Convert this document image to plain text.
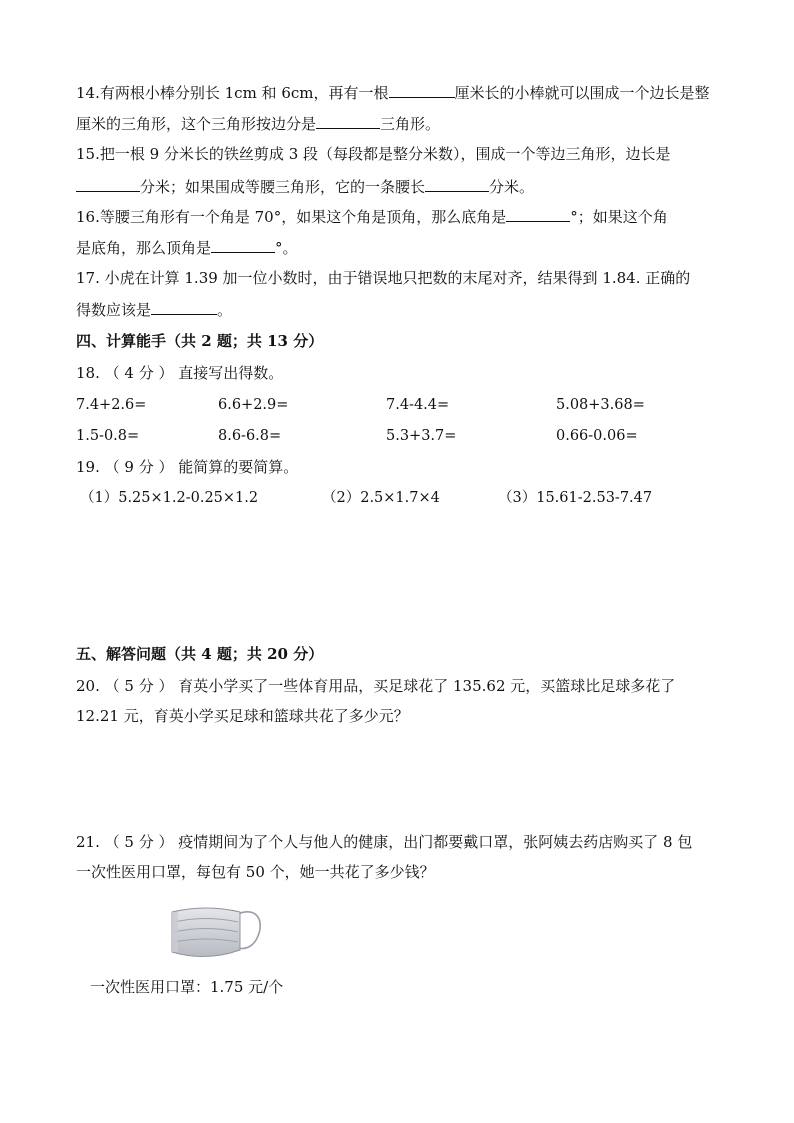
14.有两根小棒分别长 1cm 和 6cm，再有一根	厘米长的小棒就可以围成一个边长是整
厘米的三角形，这个三角形按边分是	三角形。
15.把一根 9 分米长的铁丝剪成 3 段（每段都是整分米数），围成一个等边三角形，边长是
分米；如果围成等腰三角形，它的一条腰长	分米。
16.等腰三角形有一个角是 70°，如果这个角是顶角，那么底角是	°；如果这个角
是底角，那么顶角是	°。
17. 小虎在计算 1.39 加一位小数时，由于错误地只把数的末尾对齐，结果得到 1.84. 正确的
得数应该是	。
四、计算能手（共 2 题；共 13 分）
18. （ 4 分 ） 直接写出得数。
7.4+2.6=	6.6+2.9=	7.4-4.4=	5.08+3.68=
1.5-0.8=	8.6-6.8=	5.3+3.7=	0.66-0.06=
19. （ 9 分 ） 能简算的要简算。
（1）5.25×1.2-0.25×1.2	（2）2.5×1.7×4	（3）15.61-2.53-7.47
五、解答问题（共 4 题；共 20 分）
20. （ 5 分 ） 育英小学买了一些体育用品，买足球花了 135.62 元，买篮球比足球多花了
12.21 元，育英小学买足球和篮球共花了多少元？
21. （ 5 分 ） 疫情期间为了个人与他人的健康，出门都要戴口罩，张阿姨去药店购买了 8 包
一次性医用口罩，每包有 50 个，她一共花了多少钱？
一次性医用口罩：1.75 元/个
